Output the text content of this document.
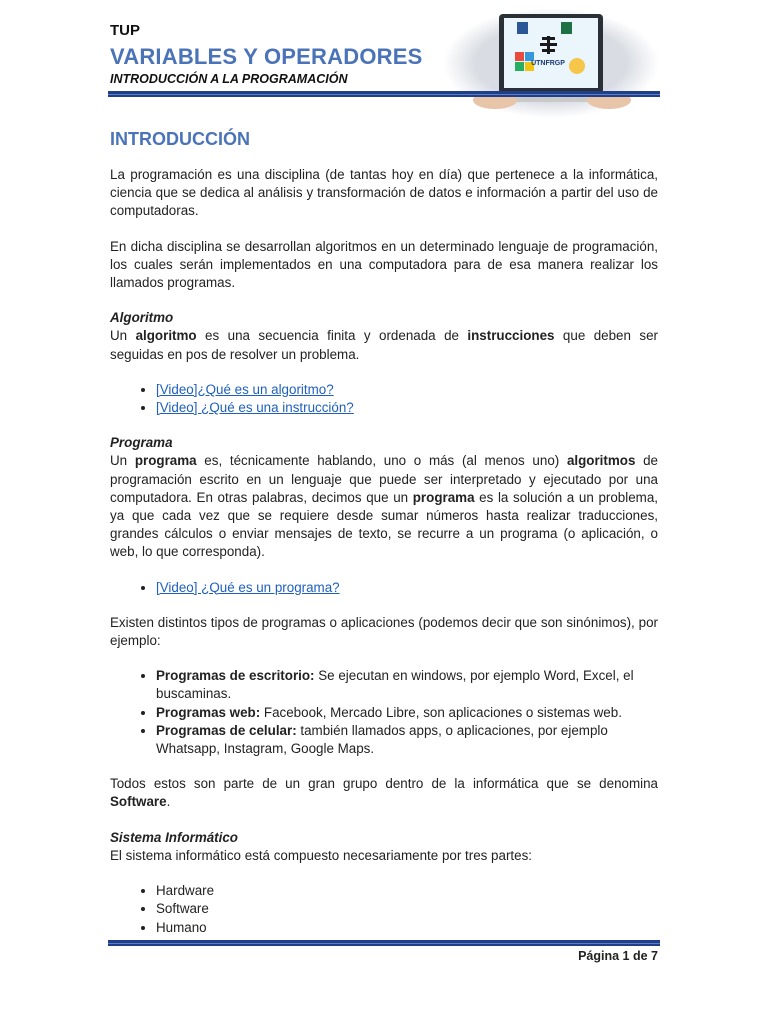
TUP
VARIABLES Y OPERADORES
INTRODUCCIÓN A LA PROGRAMACIÓN
UTNFRGP
INTRODUCCIÓN

La programación es una disciplina (de tantas hoy en día) que pertenece a la informática, ciencia que se dedica al análisis y transformación de datos e información a partir del uso de computadoras.

En dicha disciplina se desarrollan algoritmos en un determinado lenguaje de programación, los cuales serán implementados en una computadora para de esa manera realizar los llamados programas.

Algoritmo

Un algoritmo es una secuencia finita y ordenada de instrucciones que deben ser seguidas en pos de resolver un problema.

• [Video]¿Qué es un algoritmo?
• [Video] ¿Qué es una instrucción?

Programa

Un programa es, técnicamente hablando, uno o más (al menos uno) algoritmos de programación escrito en un lenguaje que puede ser interpretado y ejecutado por una computadora. En otras palabras, decimos que un programa es la solución a un problema, ya que cada vez que se requiere desde sumar números hasta realizar traducciones, grandes cálculos o enviar mensajes de texto, se recurre a un programa (o aplicación, o web, lo que corresponda).

• [Video] ¿Qué es un programa?

Existen distintos tipos de programas o aplicaciones (podemos decir que son sinónimos), por ejemplo:

• Programas de escritorio: Se ejecutan en windows, por ejemplo Word, Excel, el buscaminas.
• Programas web: Facebook, Mercado Libre, son aplicaciones o sistemas web.
• Programas de celular: también llamados apps, o aplicaciones, por ejemplo Whatsapp, Instagram, Google Maps.

Todos estos son parte de un gran grupo dentro de la informática que se denomina Software.

Sistema Informático

El sistema informático está compuesto necesariamente por tres partes:

• Hardware
• Software
• Humano
Página 1 de 7
